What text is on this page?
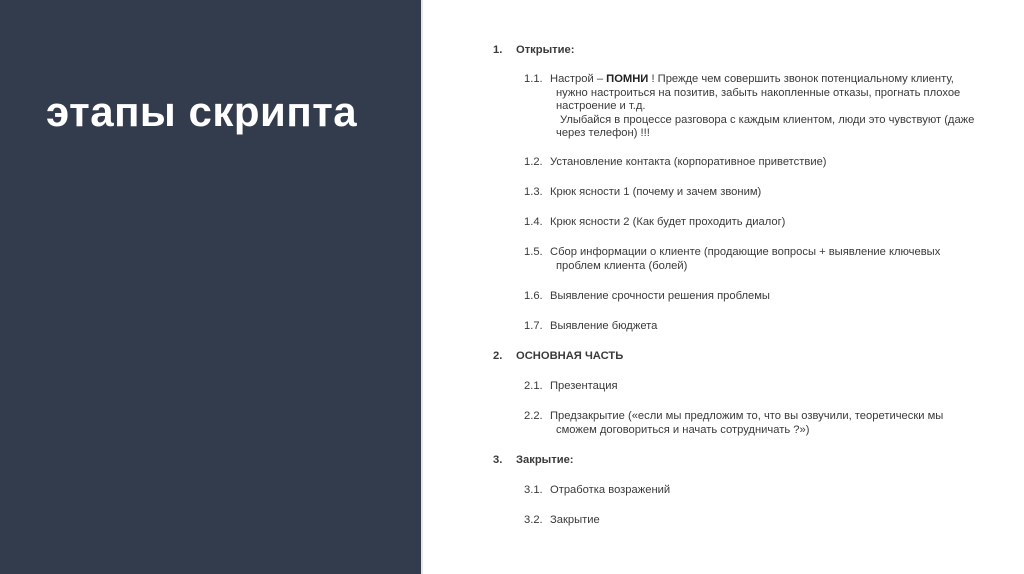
этапы скрипта
1. Открытие:
1.1. Настрой – ПОМНИ ! Прежде чем совершить звонок потенциальному клиенту,
нужно настроиться на позитив, забыть накопленные отказы, прогнать плохое
настроение и т.д.
Улыбайся в процессе разговора с каждым клиентом, люди это чувствуют (даже
через телефон) !!!
1.2. Установление контакта (корпоративное приветствие)
1.3. Крюк ясности 1 (почему и зачем звоним)
1.4. Крюк ясности 2 (Как будет проходить диалог)
1.5. Сбор информации о клиенте (продающие вопросы + выявление ключевых
проблем клиента (болей)
1.6. Выявление срочности решения проблемы
1.7. Выявление бюджета
2. ОСНОВНАЯ ЧАСТЬ
2.1. Презентация
2.2. Предзакрытие («если мы предложим то, что вы озвучили, теоретически мы
сможем договориться и начать сотрудничать ?»)
3. Закрытие:
3.1. Отработка возражений
3.2. Закрытие
